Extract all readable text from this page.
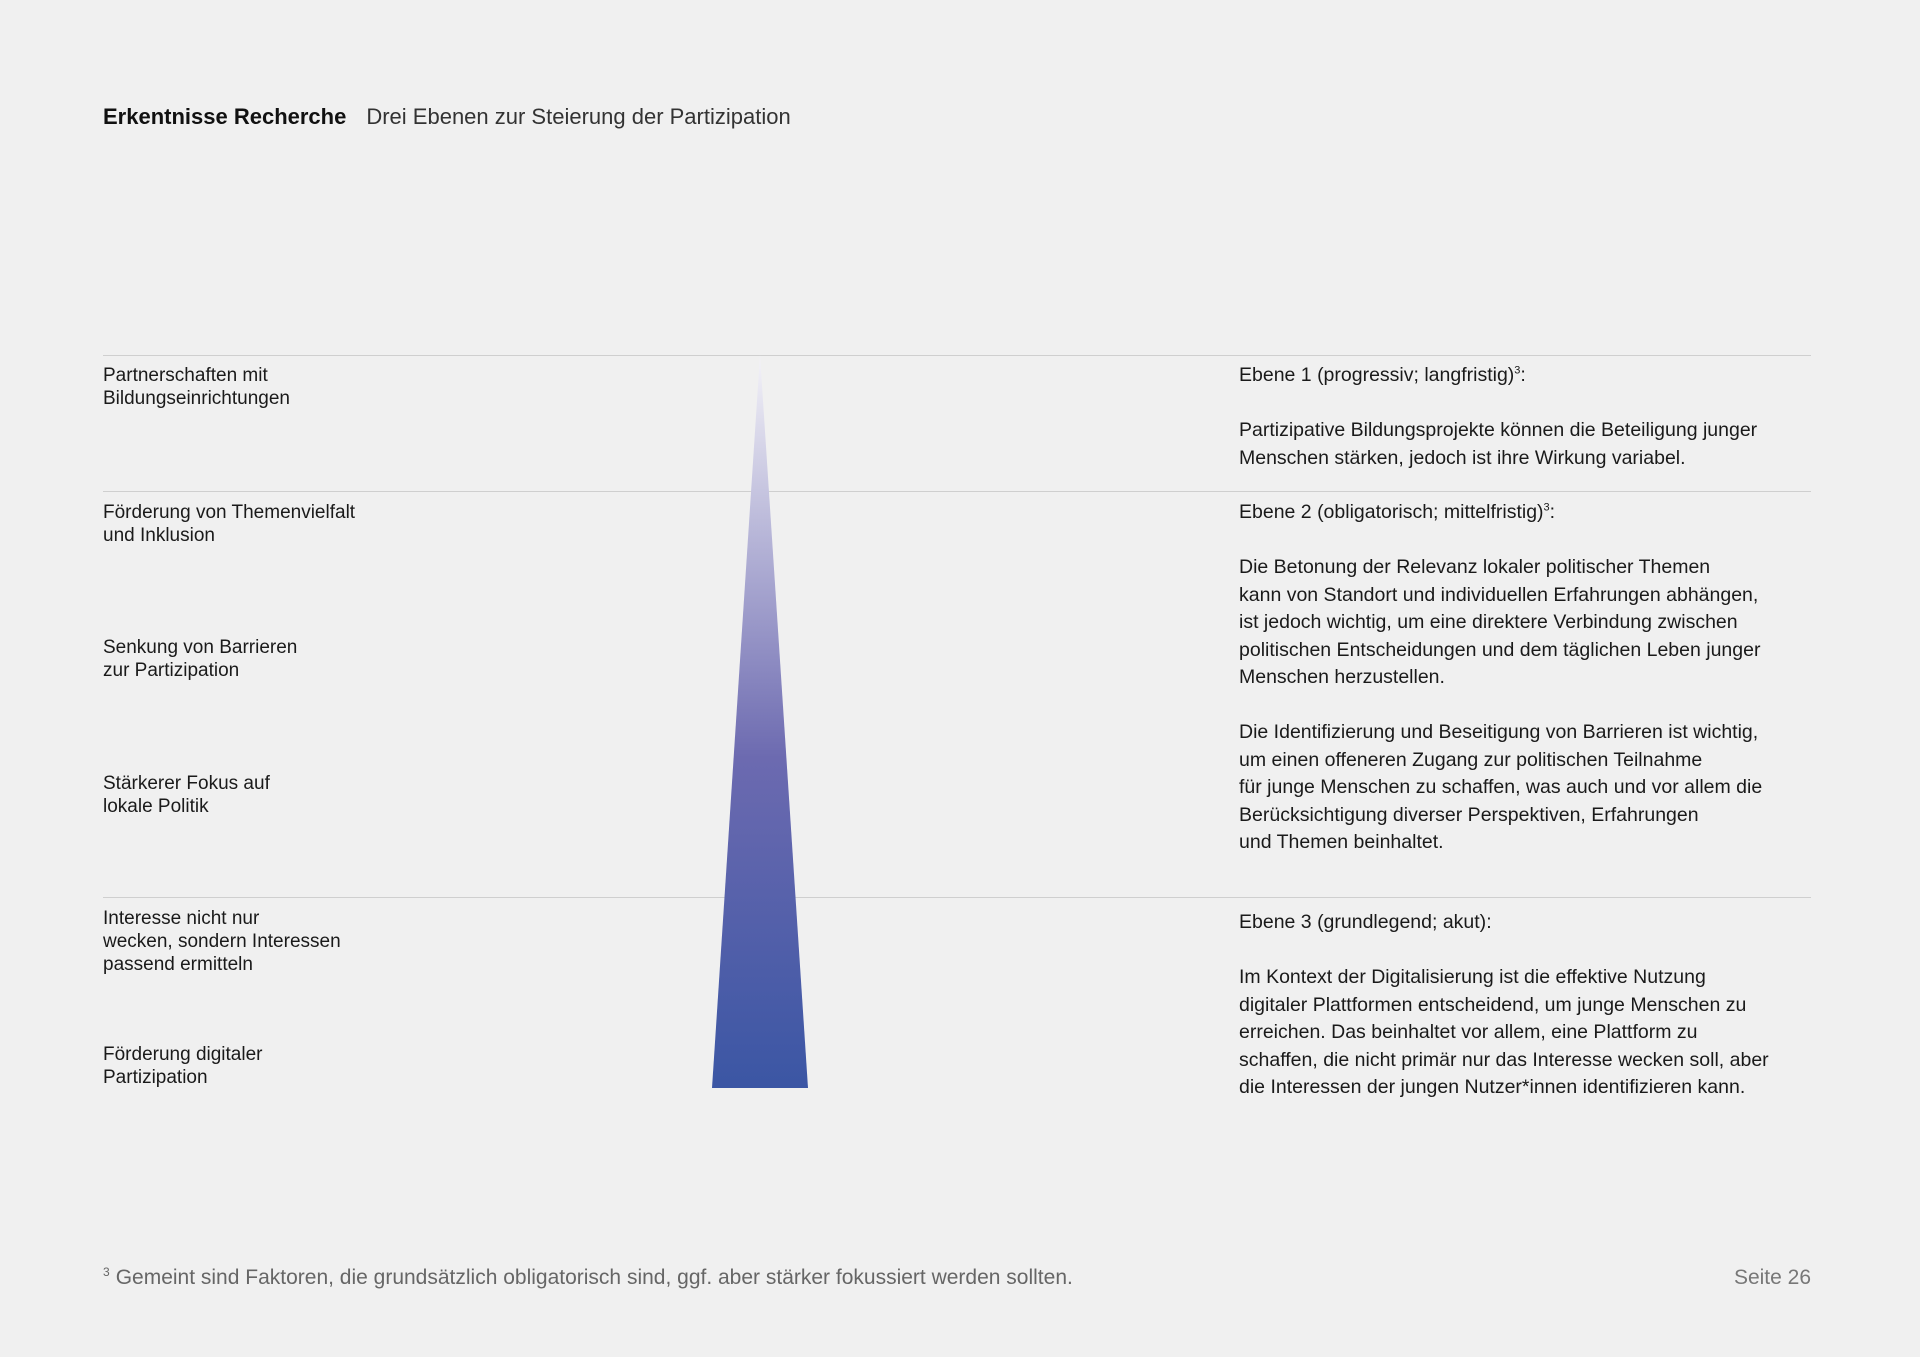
Erkentnisse Recherche Drei Ebenen zur Steierung der Partizipation
Partnerschaften mit
Bildungseinrichtungen
Förderung von Themenvielfalt
und Inklusion
Senkung von Barrieren
zur Partizipation
Stärkerer Fokus auf
lokale Politik
Interesse nicht nur
wecken, sondern Interessen
passend ermitteln
Förderung digitaler
Partizipation
Ebene 1 (progressiv; langfristig)$^3$:
Partizipative Bildungsprojekte können die Beteiligung junger
Menschen stärken, jedoch ist ihre Wirkung variabel.
Ebene 2 (obligatorisch; mittelfristig)$^3$:
Die Betonung der Relevanz lokaler politischer Themen
kann von Standort und individuellen Erfahrungen abhängen,
ist jedoch wichtig, um eine direktere Verbindung zwischen
politischen Entscheidungen und dem täglichen Leben junger
Menschen herzustellen.
Die Identifizierung und Beseitigung von Barrieren ist wichtig,
um einen offeneren Zugang zur politischen Teilnahme
für junge Menschen zu schaffen, was auch und vor allem die
Berücksichtigung diverser Perspektiven, Erfahrungen
und Themen beinhaltet.
Ebene 3 (grundlegend; akut):
Im Kontext der Digitalisierung ist die effektive Nutzung
digitaler Plattformen entscheidend, um junge Menschen zu
erreichen. Das beinhaltet vor allem, eine Plattform zu
schaffen, die nicht primär nur das Interesse wecken soll, aber
die Interessen der jungen Nutzer*innen identifizieren kann.
$^3$ Gemeint sind Faktoren, die grundsätzlich obligatorisch sind, ggf. aber stärker fokussiert werden sollten.	Seite 26
